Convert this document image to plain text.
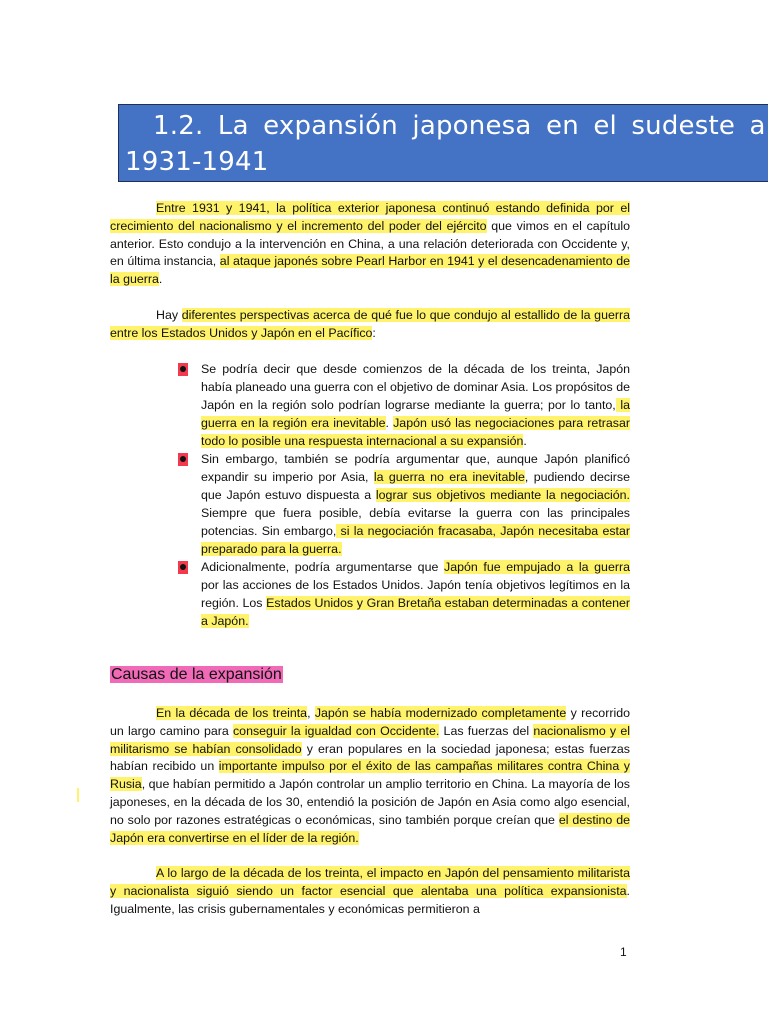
1.2. La expansión japonesa en el sudeste a
1931-1941

Entre 1931 y 1941, la política exterior japonesa continuó estando definida por el crecimiento del nacionalismo y el incremento del poder del ejército que vimos en el capítulo anterior. Esto condujo a la intervención en China, a una relación deteriorada con Occidente y, en última instancia, al ataque japonés sobre Pearl Harbor en 1941 y el desencadenamiento de la guerra.

Hay diferentes perspectivas acerca de qué fue lo que condujo al estallido de la guerra entre los Estados Unidos y Japón en el Pacífico:

Se podría decir que desde comienzos de la década de los treinta, Japón había planeado una guerra con el objetivo de dominar Asia. Los propósitos de Japón en la región solo podrían lograrse mediante la guerra; por lo tanto, la guerra en la región era inevitable. Japón usó las negociaciones para retrasar todo lo posible una respuesta internacional a su expansión.

Sin embargo, también se podría argumentar que, aunque Japón planificó expandir su imperio por Asia, la guerra no era inevitable, pudiendo decirse que Japón estuvo dispuesta a lograr sus objetivos mediante la negociación. Siempre que fuera posible, debía evitarse la guerra con las principales potencias. Sin embargo, si la negociación fracasaba, Japón necesitaba estar preparado para la guerra.

Adicionalmente, podría argumentarse que Japón fue empujado a la guerra por las acciones de los Estados Unidos. Japón tenía objetivos legítimos en la región. Los Estados Unidos y Gran Bretaña estaban determinadas a contener a Japón.

Causas de la expansión

En la década de los treinta, Japón se había modernizado completamente y recorrido un largo camino para conseguir la igualdad con Occidente. Las fuerzas del nacionalismo y el militarismo se habían consolidado y eran populares en la sociedad japonesa; estas fuerzas habían recibido un importante impulso por el éxito de las campañas militares contra China y Rusia, que habían permitido a Japón controlar un amplio territorio en China. La mayoría de los japoneses, en la década de los 30, entendió la posición de Japón en Asia como algo esencial, no solo por razones estratégicas o económicas, sino también porque creían que el destino de Japón era convertirse en el líder de la región.

A lo largo de la década de los treinta, el impacto en Japón del pensamiento militarista y nacionalista siguió siendo un factor esencial que alentaba una política expansionista. Igualmente, las crisis gubernamentales y económicas permitieron a

1
